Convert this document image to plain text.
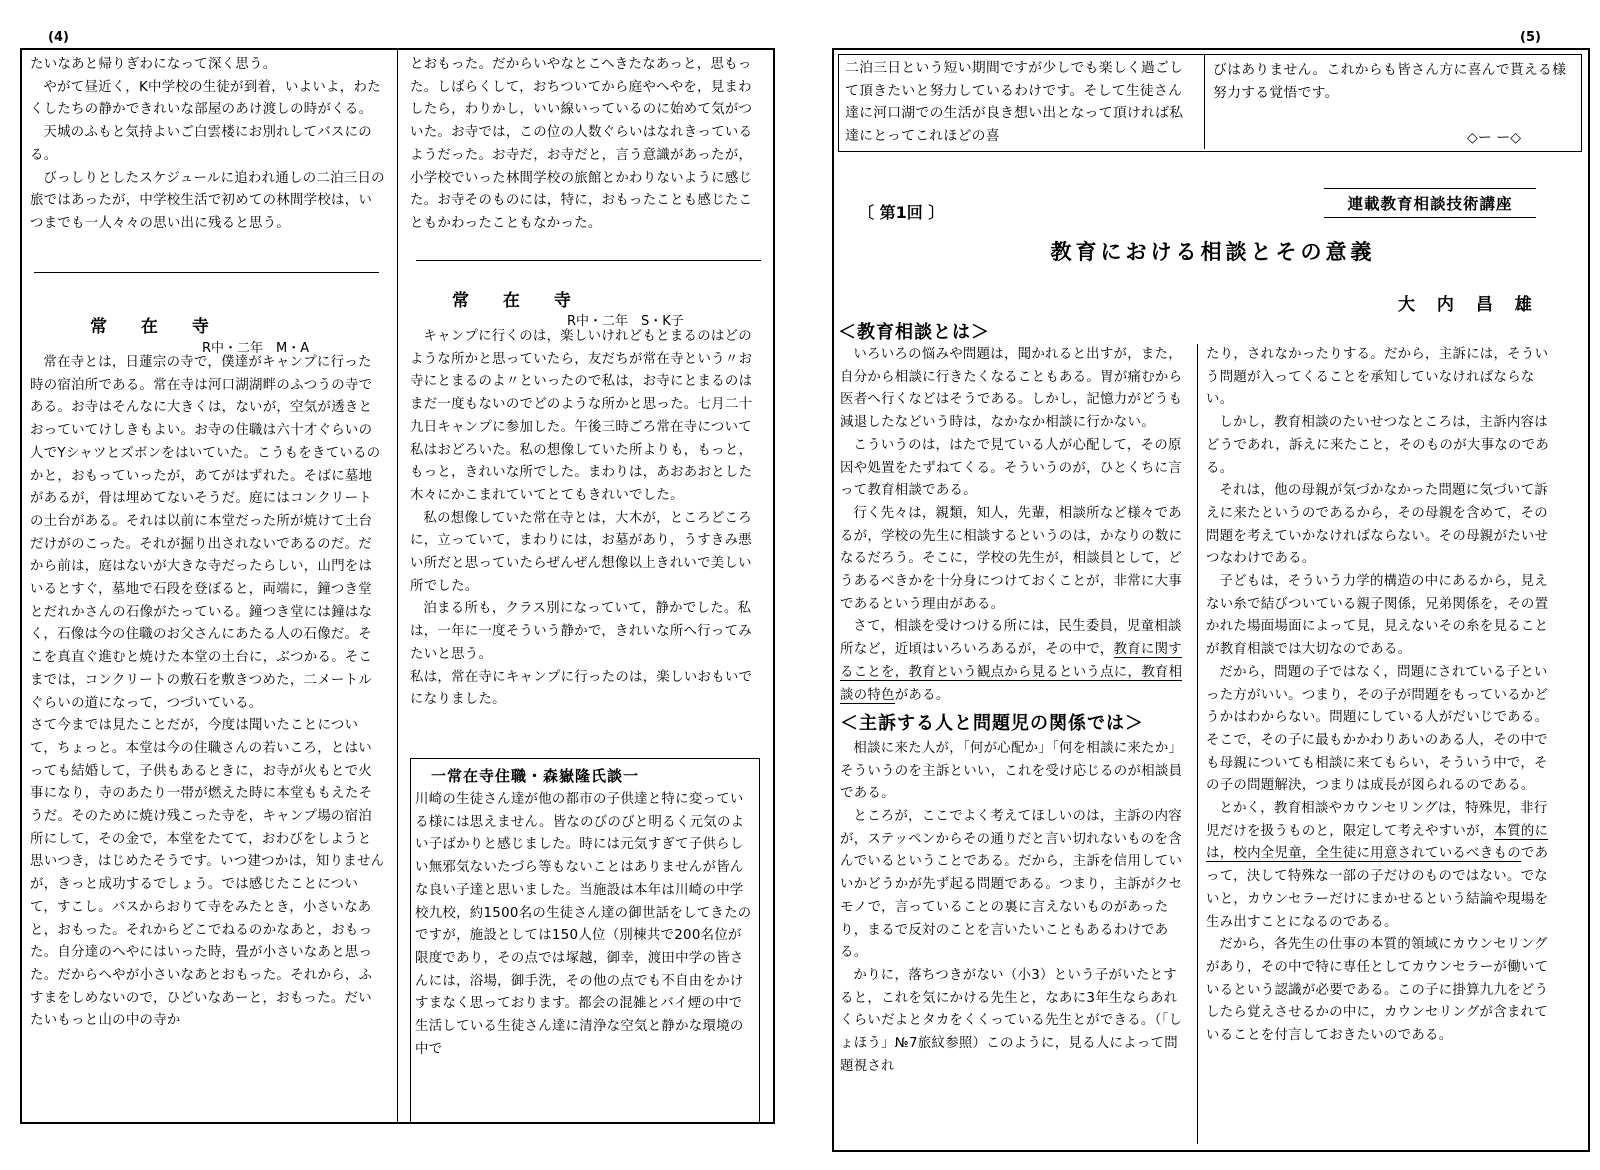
(4)

たいなあと帰りぎわになって深く思う。

やがて昼近く，K中学校の生徒が到着，いよいよ，わたくしたちの静かできれいな部屋のあけ渡しの時がくる。

天城のふもと気持よいご白雲楼にお別れしてバスにのる。

びっしりとしたスケジュールに追われ通しの二泊三日の旅ではあったが，中学校生活で初めての林間学校は，いつまでも一人々々の思い出に残ると思う。

とおもった。だからいやなとこへきたなあっと，思もった。しばらくして，おちついてから庭やへやを，見まわしたら，わりかし，いい線いっているのに始めて気がついた。お寺では，この位の人数ぐらいはなれきっているようだった。お寺だ，お寺だと，言う意識があったが，小学校でいった林間学校の旅館とかわりないように感じた。お寺そのものには，特に，おもったことも感じたこともかわったこともなかった。

常 在 寺
R中・二年　M・A

常在寺とは，日蓮宗の寺で，僕達がキャンプに行った時の宿泊所である。常在寺は河口湖湖畔のふつうの寺である。お寺はそんなに大きくは，ないが，空気が透きとおっていてけしきもよい。お寺の住職は六十才ぐらいの人でYシャツとズボンをはいていた。こうもをきているのかと，おもっていったが，あてがはずれた。そばに墓地があるが，骨は埋めてないそうだ。庭にはコンクリートの土台がある。それは以前に本堂だった所が焼けて土台だけがのこった。それが掘り出されないであるのだ。だから前は，庭はないが大きな寺だったらしい，山門をはいるとすぐ，墓地で石段を登ぼると，両端に，鐘つき堂とだれかさんの石像がたっている。鐘つき堂には鐘はなく，石像は今の住職のお父さんにあたる人の石像だ。そこを真直ぐ進むと焼けた本堂の土台に，ぶつかる。そこまでは，コンクリートの敷石を敷きつめた，二メートルぐらいの道になって，つづいている。

さて今までは見たことだが，今度は聞いたことについて，ちょっと。本堂は今の住職さんの若いころ，とはいっても結婚して，子供もあるときに，お寺が火もとで火事になり，寺のあたり一帯が燃えた時に本堂ももえたそうだ。そのために焼け残こった寺を，キャンプ場の宿泊所にして，その金で，本堂をたてて，おわびをしようと思いつき，はじめたそうです。いつ建つかは，知りませんが，きっと成功するでしょう。では感じたことについて，すこし。バスからおりて寺をみたとき，小さいなあと，おもった。それからどこでねるのかなあと，おもった。自分達のへやにはいった時，畳が小さいなあと思った。だからへやが小さいなあとおもった。それから，ふすまをしめないので，ひどいなあーと，おもった。だいたいもっと山の中の寺か

常 在 寺
R中・二年　S・K子

キャンプに行くのは，楽しいけれどもとまるのはどのような所かと思っていたら，友だちが常在寺という〃お寺にとまるのよ〃といったので私は，お寺にとまるのはまだ一度もないのでどのような所かと思った。七月二十九日キャンプに参加した。午後三時ごろ常在寺について私はおどろいた。私の想像していた所よりも，もっと，もっと，きれいな所でした。まわりは，あおあおとした木々にかこまれていてとてもきれいでした。

私の想像していた常在寺とは，大木が，ところどころに，立っていて，まわりには，お墓があり，うすきみ悪い所だと思っていたらぜんぜん想像以上きれいで美しい所でした。

泊まる所も，クラス別になっていて，静かでした。私は，一年に一度そういう静かで，きれいな所へ行ってみたいと思う。

私は，常在寺にキャンプに行ったのは，楽しいおもいでになりました。

一常在寺住職・森嶽隆氏談一
川崎の生徒さん達が他の都市の子供達と特に変っている様には思えません。皆なのびのびと明るく元気のよい子ばかりと感じました。時には元気すぎて子供らしい無邪気ないたづら等もないことはありませんが皆んな良い子達と思いました。当施設は本年は川崎の中学校九校，約1500名の生徒さん達の御世話をしてきたのですが，施設としては150人位（別棟共で200名位が限度であり，その点では塚越，御幸，渡田中学の皆さんには，浴場，御手洗，その他の点でも不自由をかけすまなく思っております。都会の混雑とバイ煙の中で生活している生徒さん達に清浄な空気と静かな環境の中で
(5)
二泊三日という短い期間ですが少しでも楽しく過ごして頂きたいと努力しているわけです。そして生徒さん達に河口湖での生活が良き想い出となって頂ければ私達にとってこれほどの喜
びはありません。これからも皆さん方に喜んで貰える様努力する覚悟です。
◇ー ー◇
〔 第1回 〕	連載教育相談技術講座
教育における相談とその意義
大 内 昌 雄
＜教育相談とは＞

いろいろの悩みや問題は，聞かれると出すが，また，自分から相談に行きたくなることもある。胃が痛むから医者へ行くなどはそうである。しかし，記憶力がどうも減退したなどいう時は，なかなか相談に行かない。

こういうのは，はたで見ている人が心配して，その原因や処置をたずねてくる。そういうのが，ひとくちに言って教育相談である。

行く先々は，親類，知人，先輩，相談所など様々であるが，学校の先生に相談するというのは，かなりの数になるだろう。そこに，学校の先生が，相談員として，どうあるべきかを十分身につけておくことが，非常に大事であるという理由がある。

さて，相談を受けつける所には，民生委員，児童相談所など，近頃はいろいろあるが，その中で，教育に関することを，教育という観点から見るという点に，教育相談の特色がある。

＜主訴する人と問題児の関係では＞

相談に来た人が，「何が心配か」「何を相談に来たか」そういうのを主訴といい，これを受け応じるのが相談員である。

ところが，ここでよく考えてほしいのは，主訴の内容が，ステッペンからその通りだと言い切れないものを含んでいるということである。だから，主訴を信用していいかどうかが先ず起る問題である。つまり，主訴がクセモノで，言っていることの裏に言えないものがあったり，まるで反対のことを言いたいこともあるわけである。

かりに，落ちつきがない（小3）という子がいたとすると，これを気にかける先生と，なあに3年生ならあれくらいだよとタカをくくっている先生とができる。（「しょほう」№7旅紋参照）このように，見る人によって問題視され

たり，されなかったりする。だから，主訴には，そういう問題が入ってくることを承知していなければならない。

しかし，教育相談のたいせつなところは，主訴内容はどうであれ，訴えに来たこと，そのものが大事なのである。

それは，他の母親が気づかなかった問題に気づいて訴えに来たというのであるから，その母親を含めて，その問題を考えていかなければならない。その母親がたいせつなわけである。

子どもは，そういう力学的構造の中にあるから，見えない糸で結びついている親子関係，兄弟関係を，その置かれた場面場面によって見，見えないその糸を見ることが教育相談では大切なのである。

だから，問題の子ではなく，問題にされている子といった方がいい。つまり，その子が問題をもっているかどうかはわからない。問題にしている人がだいじである。そこで，その子に最もかかわりあいのある人，その中でも母親についても相談に来てもらい，そういう中で，その子の問題解決，つまりは成長が図られるのである。

とかく，教育相談やカウンセリングは，特殊児，非行児だけを扱うものと，限定して考えやすいが，本質的には，校内全児童，全生徒に用意されているべきものであって，決して特殊な一部の子だけのものではない。でないと，カウンセラーだけにまかせるという結論や現場を生み出すことになるのである。

だから，各先生の仕事の本質的領域にカウンセリングがあり，その中で特に専任としてカウンセラーが働いているという認識が必要である。この子に掛算九九をどうしたら覚えさせるかの中に，カウンセリングが含まれていることを付言しておきたいのである。
